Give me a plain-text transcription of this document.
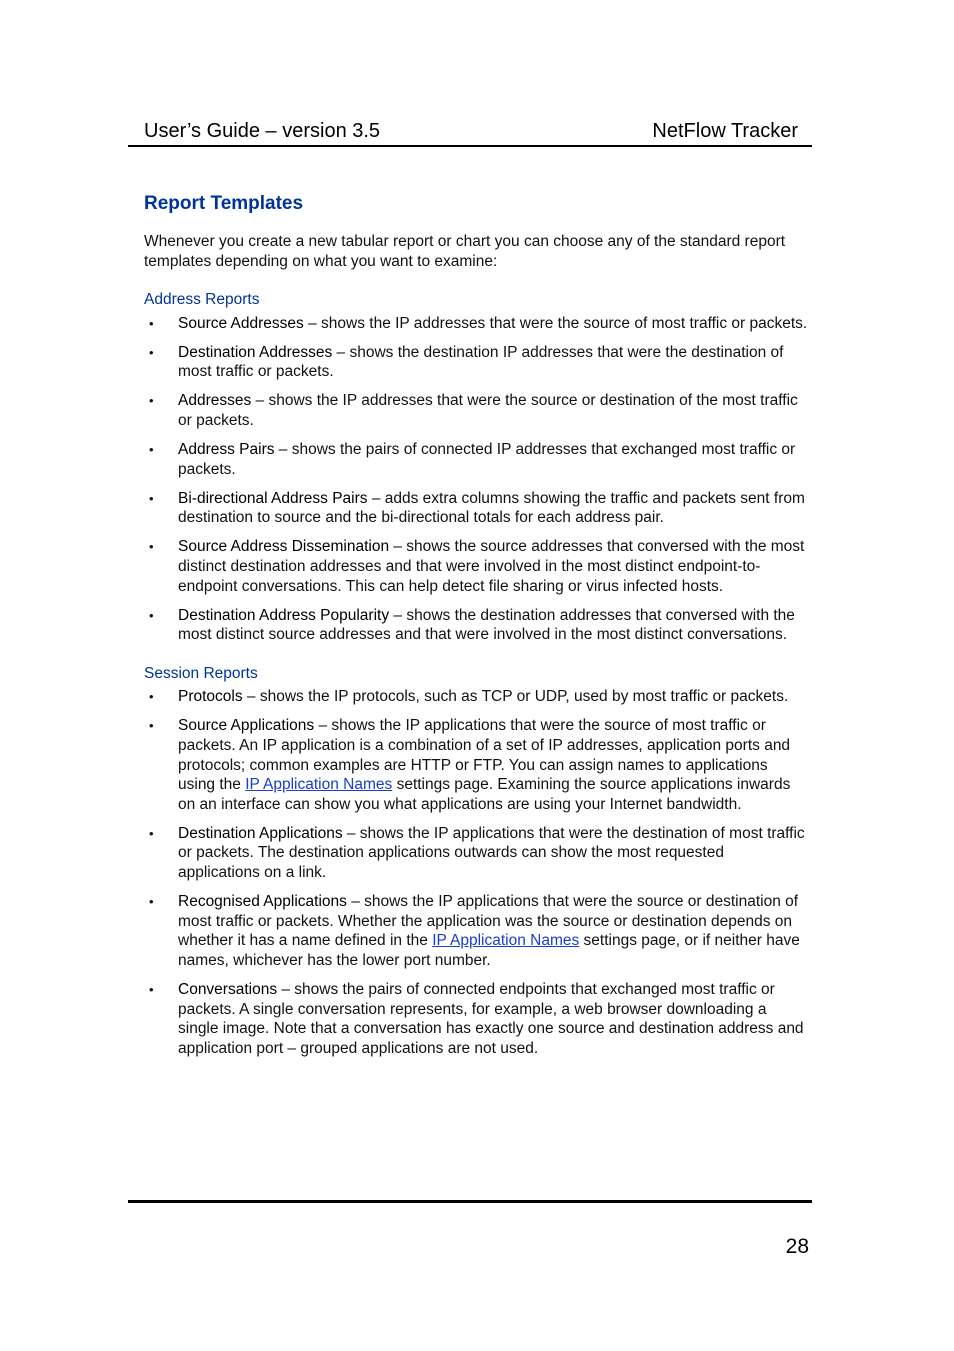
User’s Guide – version 3.5	NetFlow Tracker
Report Templates

Whenever you create a new tabular report or chart you can choose any of the standard report templates depending on what you want to examine:

Address Reports
• Source Addresses – shows the IP addresses that were the source of most traffic or packets.
• Destination Addresses – shows the destination IP addresses that were the destination of most traffic or packets.
• Addresses – shows the IP addresses that were the source or destination of the most traffic or packets.
• Address Pairs – shows the pairs of connected IP addresses that exchanged most traffic or packets.
• Bi-directional Address Pairs – adds extra columns showing the traffic and packets sent from destination to source and the bi-directional totals for each address pair.
• Source Address Dissemination – shows the source addresses that conversed with the most distinct destination addresses and that were involved in the most distinct endpoint-to-endpoint conversations. This can help detect file sharing or virus infected hosts.
• Destination Address Popularity – shows the destination addresses that conversed with the most distinct source addresses and that were involved in the most distinct conversations.
Session Reports
• Protocols – shows the IP protocols, such as TCP or UDP, used by most traffic or packets.
• Source Applications – shows the IP applications that were the source of most traffic or packets. An IP application is a combination of a set of IP addresses, application ports and protocols; common examples are HTTP or FTP. You can assign names to applications using the IP Application Names settings page. Examining the source applications inwards on an interface can show you what applications are using your Internet bandwidth.
• Destination Applications – shows the IP applications that were the destination of most traffic or packets. The destination applications outwards can show the most requested applications on a link.
• Recognised Applications – shows the IP applications that were the source or destination of most traffic or packets. Whether the application was the source or destination depends on whether it has a name defined in the IP Application Names settings page, or if neither have names, whichever has the lower port number.
• Conversations – shows the pairs of connected endpoints that exchanged most traffic or packets. A single conversation represents, for example, a web browser downloading a single image. Note that a conversation has exactly one source and destination address and application port – grouped applications are not used.
28
